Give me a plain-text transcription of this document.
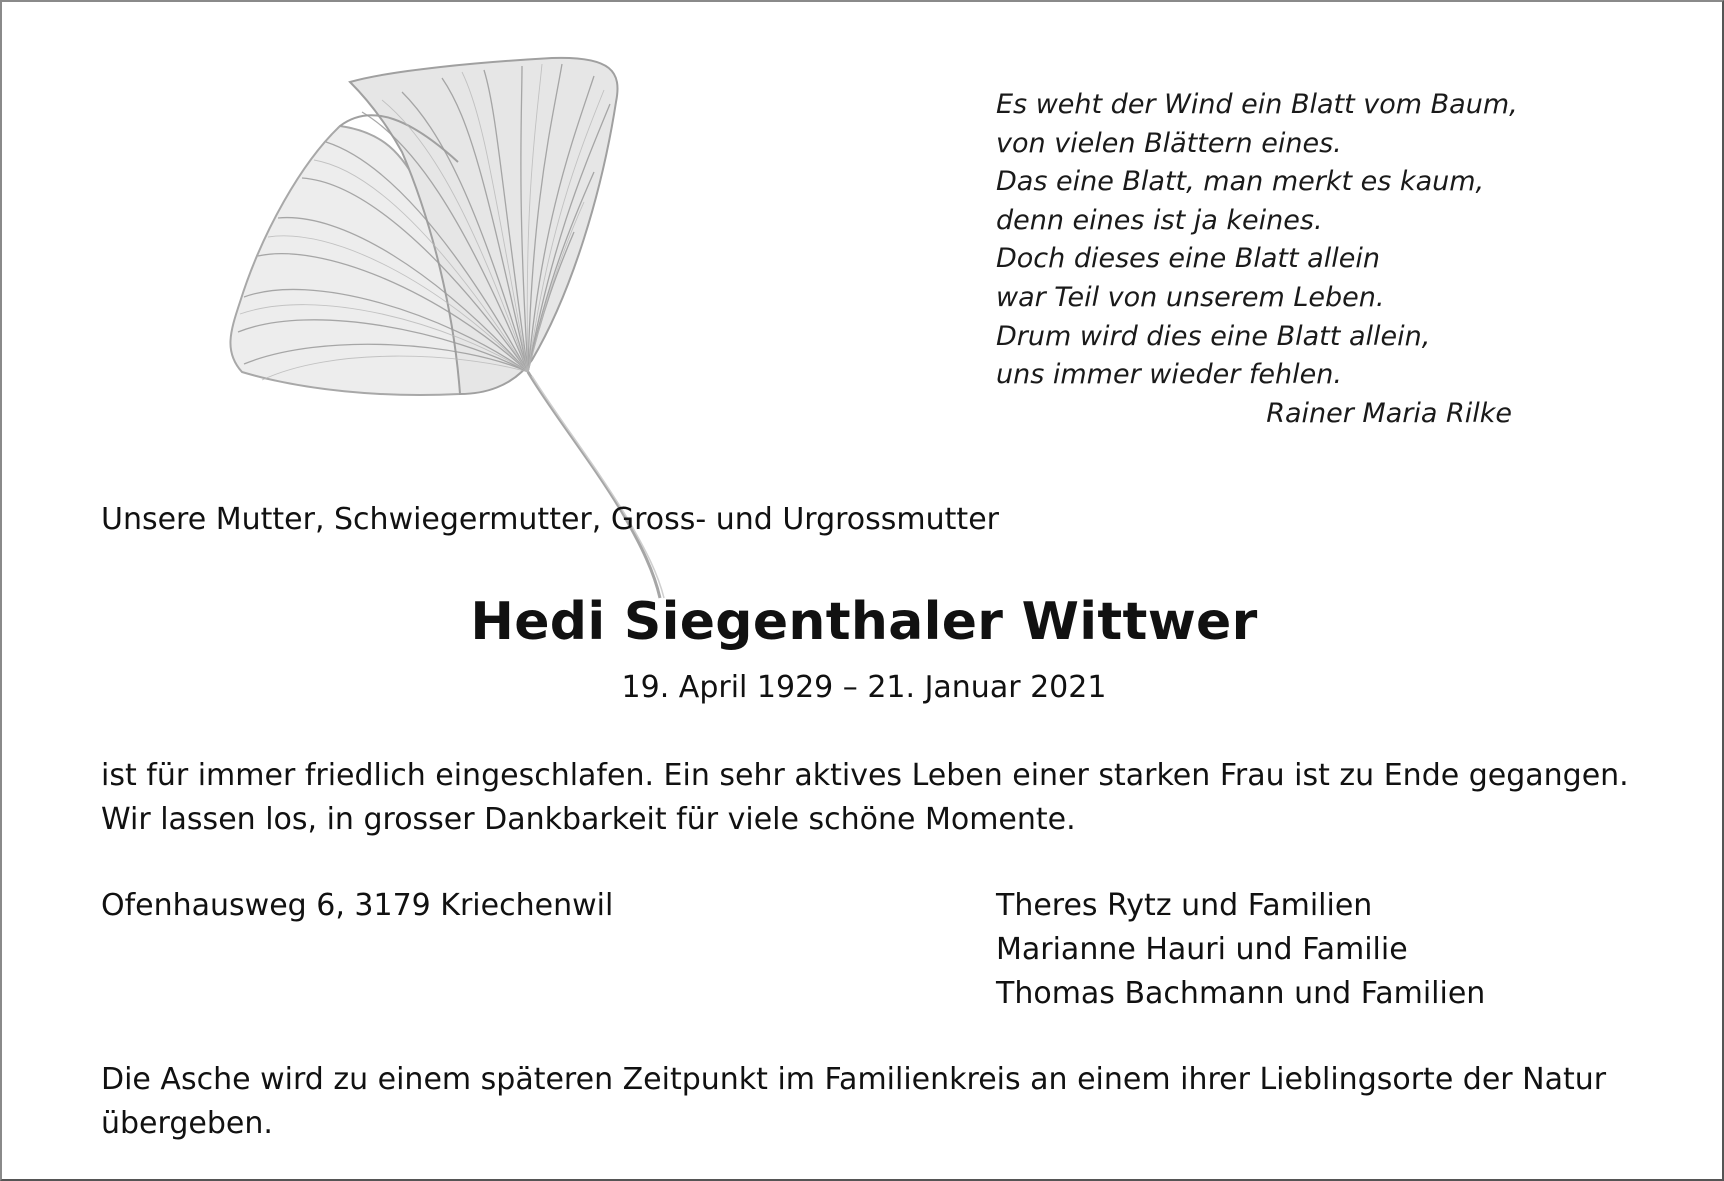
Es weht der Wind ein Blatt vom Baum,
von vielen Blättern eines.
Das eine Blatt, man merkt es kaum,
denn eines ist ja keines.
Doch dieses eine Blatt allein
war Teil von unserem Leben.
Drum wird dies eine Blatt allein,
uns immer wieder fehlen.
Rainer Maria Rilke
Unsere Mutter, Schwiegermutter, Gross- und Urgrossmutter
Hedi Siegenthaler Wittwer
19. April 1929 – 21. Januar 2021
ist für immer friedlich eingeschlafen. Ein sehr aktives Leben einer starken Frau ist zu Ende gegangen.
Wir lassen los, in grosser Dankbarkeit für viele schöne Momente.
Ofenhausweg 6, 3179 Kriechenwil	Theres Rytz und Familien
Marianne Hauri und Familie
Thomas Bachmann und Familien
Die Asche wird zu einem späteren Zeitpunkt im Familienkreis an einem ihrer Lieblingsorte der Natur
übergeben.
